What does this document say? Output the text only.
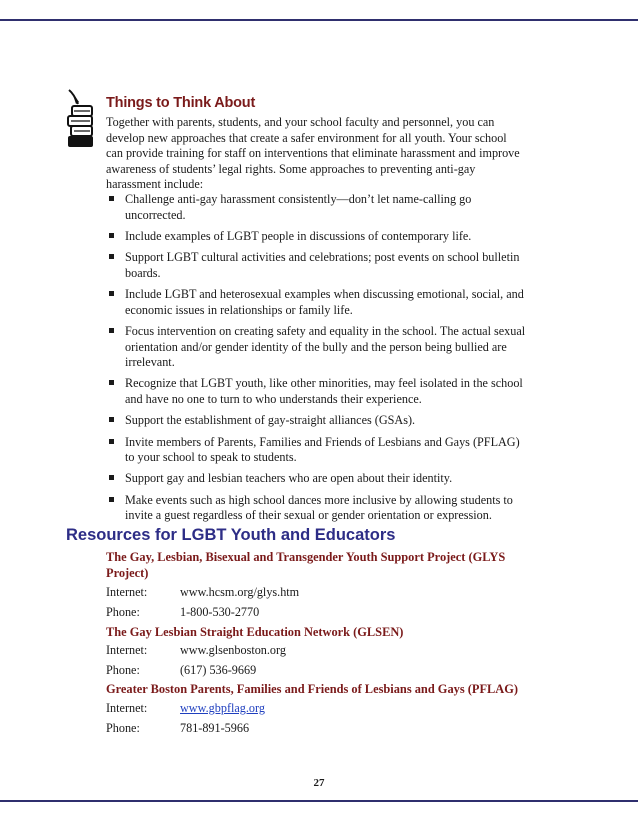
Things to Think About
Together with parents, students, and your school faculty and personnel, you can develop new approaches that create a safer environment for all youth. Your school can provide training for staff on interventions that eliminate harassment and improve awareness of students’ legal rights. Some approaches to preventing anti-gay harassment include:
Challenge anti-gay harassment consistently—don’t let name-calling go uncorrected.
Include examples of LGBT people in discussions of contemporary life.
Support LGBT cultural activities and celebrations; post events on school bulletin boards.
Include LGBT and heterosexual examples when discussing emotional, social, and economic issues in relationships or family life.
Focus intervention on creating safety and equality in the school. The actual sexual orientation and/or gender identity of the bully and the person being bullied are irrelevant.
Recognize that LGBT youth, like other minorities, may feel isolated in the school and have no one to turn to who understands their experience.
Support the establishment of gay-straight alliances (GSAs).
Invite members of Parents, Families and Friends of Lesbians and Gays (PFLAG) to your school to speak to students.
Support gay and lesbian teachers who are open about their identity.
Make events such as high school dances more inclusive by allowing students to invite a guest regardless of their sexual or gender orientation or expression.
Resources for LGBT Youth and Educators
The Gay, Lesbian, Bisexual and Transgender Youth Support Project (GLYS Project)
Internet:	www.hcsm.org/glys.htm
Phone:	1-800-530-2770
The Gay Lesbian Straight Education Network (GLSEN)
Internet:	www.glsenboston.org
Phone:	(617) 536-9669
Greater Boston Parents, Families and Friends of Lesbians and Gays (PFLAG)
Internet:	www.gbpflag.org
Phone:	781-891-5966
27
